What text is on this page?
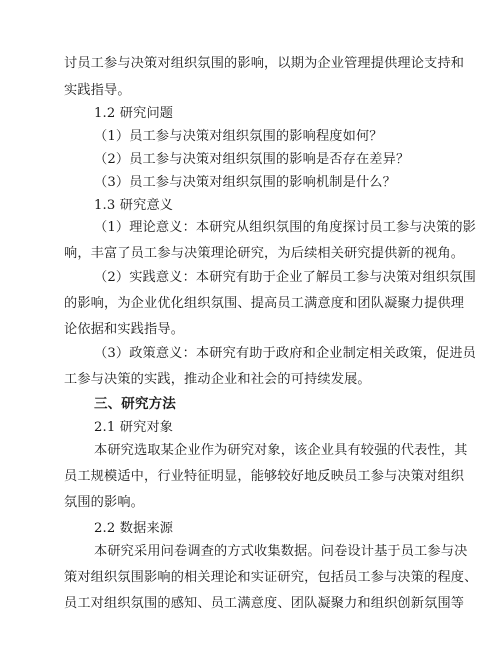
讨员工参与决策对组织氛围的影响，以期为企业管理提供理论支持和
实践指导。
1.2 研究问题
（1）员工参与决策对组织氛围的影响程度如何？
（2）员工参与决策对组织氛围的影响是否存在差异？
（3）员工参与决策对组织氛围的影响机制是什么？
1.3 研究意义
（1）理论意义：本研究从组织氛围的角度探讨员工参与决策的影
响，丰富了员工参与决策理论研究，为后续相关研究提供新的视角。
（2）实践意义：本研究有助于企业了解员工参与决策对组织氛围
的影响，为企业优化组织氛围、提高员工满意度和团队凝聚力提供理
论依据和实践指导。
（3）政策意义：本研究有助于政府和企业制定相关政策，促进员
工参与决策的实践，推动企业和社会的可持续发展。
三、研究方法
2.1 研究对象
本研究选取某企业作为研究对象，该企业具有较强的代表性，其
员工规模适中，行业特征明显，能够较好地反映员工参与决策对组织
氛围的影响。
2.2 数据来源
本研究采用问卷调查的方式收集数据。问卷设计基于员工参与决
策对组织氛围影响的相关理论和实证研究，包括员工参与决策的程度、
员工对组织氛围的感知、员工满意度、团队凝聚力和组织创新氛围等
